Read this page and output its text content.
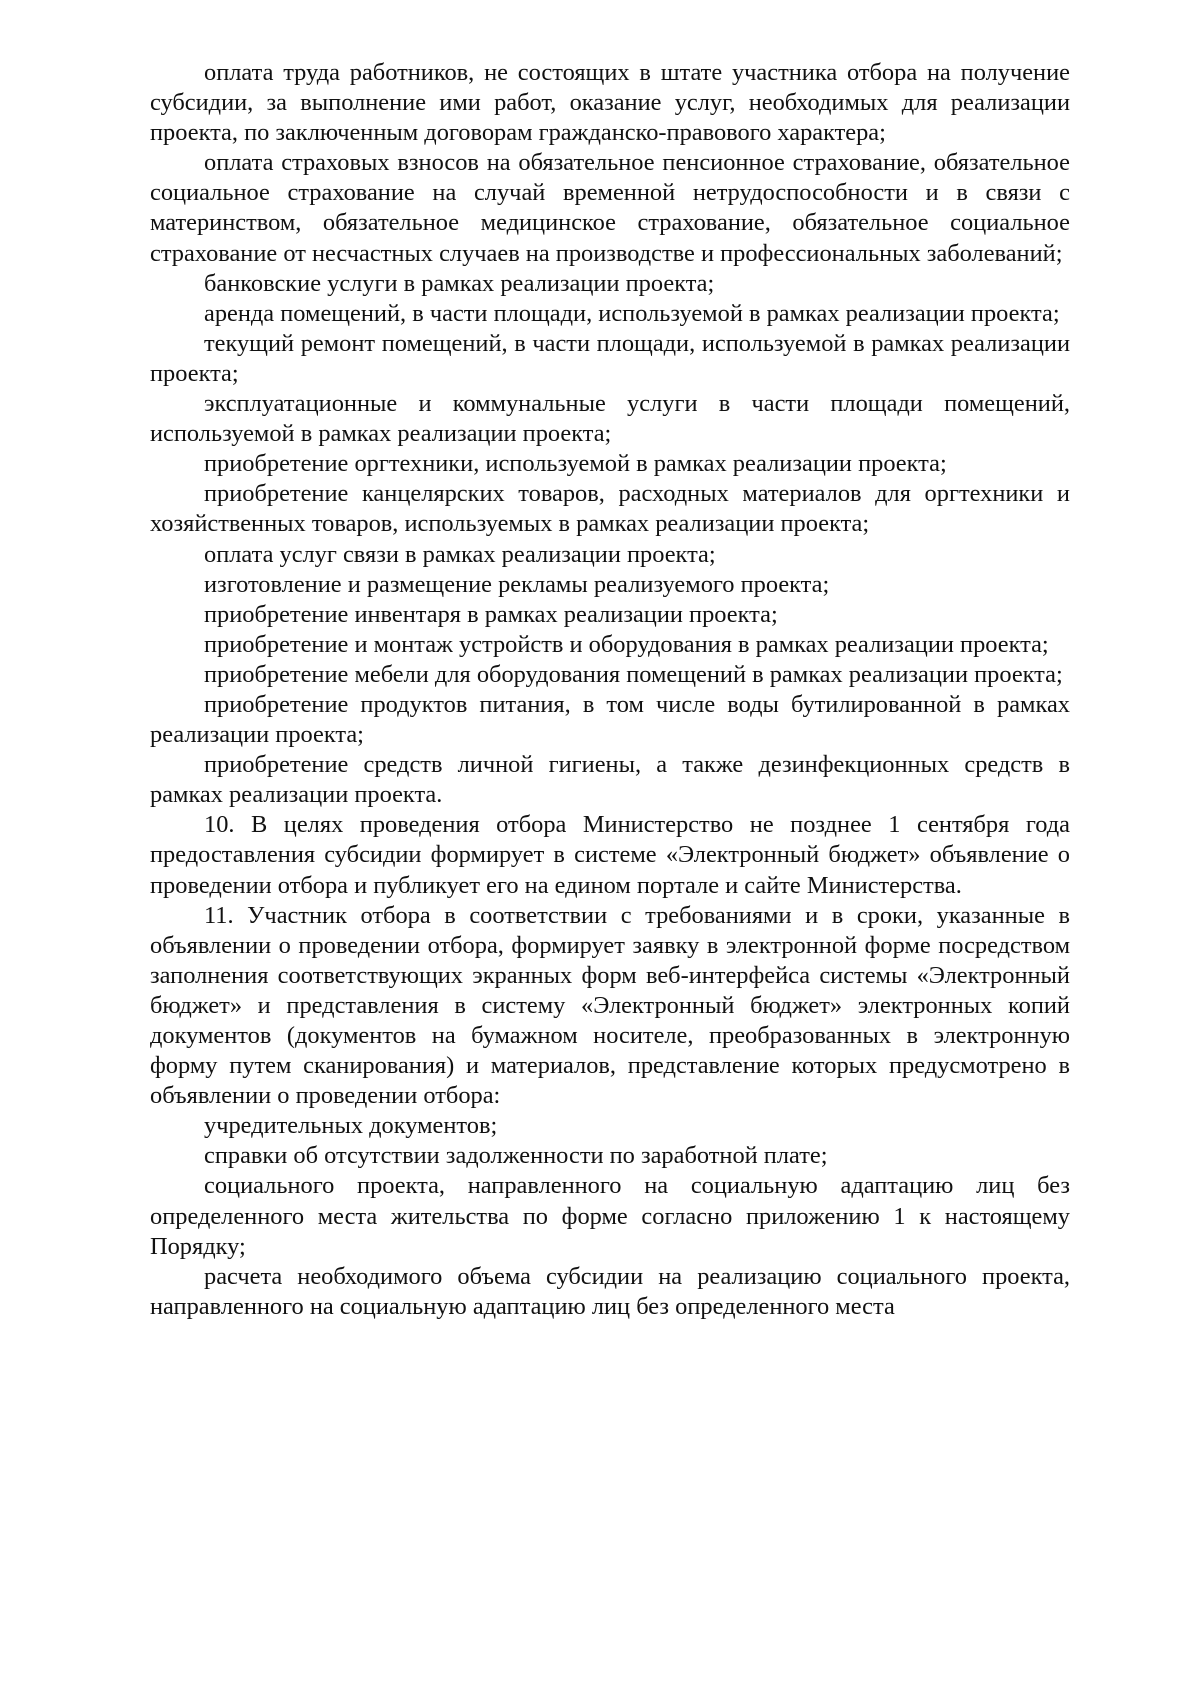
оплата труда работников, не состоящих в штате участника отбора на получение субсидии, за выполнение ими работ, оказание услуг, необходимых для реализации проекта, по заключенным договорам гражданско-правового характера;

оплата страховых взносов на обязательное пенсионное страхование, обязательное социальное страхование на случай временной нетрудоспособности и в связи с материнством, обязательное медицинское страхование, обязательное социальное страхование от несчастных случаев на производстве и профессиональных заболеваний;

банковские услуги в рамках реализации проекта;

аренда помещений, в части площади, используемой в рамках реализации проекта;

текущий ремонт помещений, в части площади, используемой в рамках реализации проекта;

эксплуатационные и коммунальные услуги в части площади помещений, используемой в рамках реализации проекта;

приобретение оргтехники, используемой в рамках реализации проекта;

приобретение канцелярских товаров, расходных материалов для оргтехники и хозяйственных товаров, используемых в рамках реализации проекта;

оплата услуг связи в рамках реализации проекта;

изготовление и размещение рекламы реализуемого проекта;

приобретение инвентаря в рамках реализации проекта;

приобретение и монтаж устройств и оборудования в рамках реализации проекта;

приобретение мебели для оборудования помещений в рамках реализации проекта;

приобретение продуктов питания, в том числе воды бутилированной в рамках реализации проекта;

приобретение средств личной гигиены, а также дезинфекционных средств в рамках реализации проекта.

10. В целях проведения отбора Министерство не позднее 1 сентября года предоставления субсидии формирует в системе «Электронный бюджет» объявление о проведении отбора и публикует его на едином портале и сайте Министерства.

11. Участник отбора в соответствии с требованиями и в сроки, указанные в объявлении о проведении отбора, формирует заявку в электронной форме посредством заполнения соответствующих экранных форм веб-интерфейса системы «Электронный бюджет» и представления в систему «Электронный бюджет» электронных копий документов (документов на бумажном носителе, преобразованных в электронную форму путем сканирования) и материалов, представление которых предусмотрено в объявлении о проведении отбора:

учредительных документов;

справки об отсутствии задолженности по заработной плате;

социального проекта, направленного на социальную адаптацию лиц без определенного места жительства по форме согласно приложению 1 к настоящему Порядку;

расчета необходимого объема субсидии на реализацию социального проекта, направленного на социальную адаптацию лиц без определенного места
